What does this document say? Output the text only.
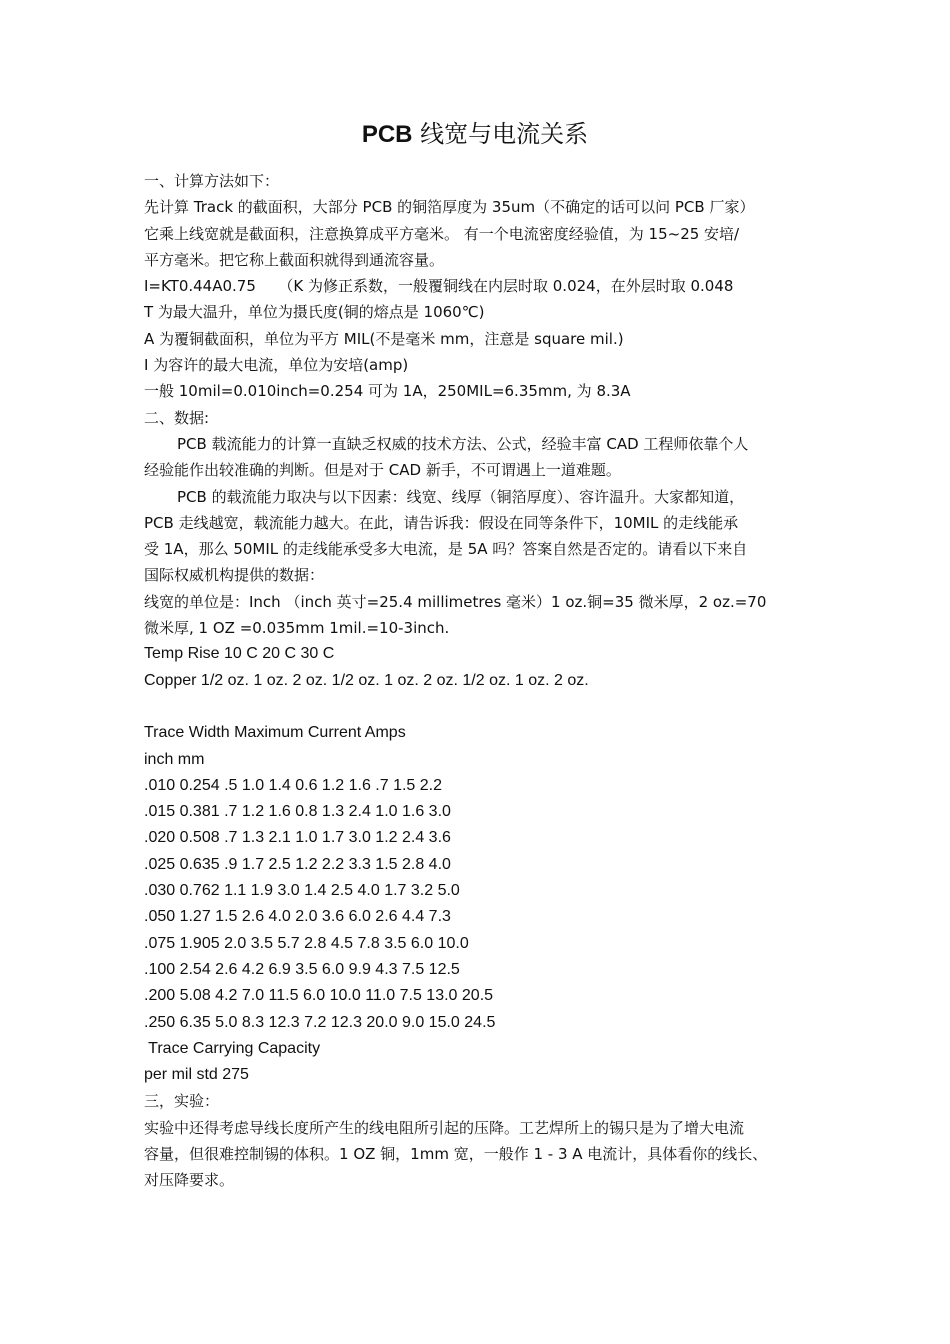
PCB 线宽与电流关系

一、计算方法如下：

先计算 Track 的截面积，大部分 PCB 的铜箔厚度为 35um（不确定的话可以问 PCB 厂家）

它乘上线宽就是截面积，注意换算成平方毫米。 有一个电流密度经验值，为 15~25 安培/

平方毫米。把它称上截面积就得到通流容量。

I=KT0.44A0.75　　（K 为修正系数，一般覆铜线在内层时取 0.024，在外层时取 0.048

T 为最大温升，单位为摄氏度(铜的熔点是 1060℃)

A 为覆铜截面积，单位为平方 MIL(不是毫米 mm，注意是 square mil.)

I 为容许的最大电流，单位为安培(amp)

一般 10mil=0.010inch=0.254 可为 1A，250MIL=6.35mm, 为 8.3A

二、数据:

PCB 载流能力的计算一直缺乏权威的技术方法、公式，经验丰富 CAD 工程师依靠个人

经验能作出较准确的判断。但是对于 CAD 新手，不可谓遇上一道难题。

PCB 的载流能力取决与以下因素：线宽、线厚（铜箔厚度）、容许温升。大家都知道，

PCB 走线越宽，载流能力越大。在此，请告诉我：假设在同等条件下，10MIL 的走线能承

受 1A，那么 50MIL 的走线能承受多大电流，是 5A 吗？答案自然是否定的。请看以下来自

国际权威机构提供的数据：

线宽的单位是：Inch （inch 英寸=25.4 millimetres 毫米）1 oz.铜=35 微米厚，2 oz.=70

微米厚, 1 OZ =0.035mm 1mil.=10-3inch.

Temp Rise 10 C 20 C 30 C

Copper 1/2 oz. 1 oz. 2 oz. 1/2 oz. 1 oz. 2 oz. 1/2 oz. 1 oz. 2 oz.

Trace Width Maximum Current Amps

inch mm

.010 0.254 .5 1.0 1.4 0.6 1.2 1.6 .7 1.5 2.2

.015 0.381 .7 1.2 1.6 0.8 1.3 2.4 1.0 1.6 3.0

.020 0.508 .7 1.3 2.1 1.0 1.7 3.0 1.2 2.4 3.6

.025 0.635 .9 1.7 2.5 1.2 2.2 3.3 1.5 2.8 4.0

.030 0.762 1.1 1.9 3.0 1.4 2.5 4.0 1.7 3.2 5.0

.050 1.27 1.5 2.6 4.0 2.0 3.6 6.0 2.6 4.4 7.3

.075 1.905 2.0 3.5 5.7 2.8 4.5 7.8 3.5 6.0 10.0

.100 2.54 2.6 4.2 6.9 3.5 6.0 9.9 4.3 7.5 12.5

.200 5.08 4.2 7.0 11.5 6.0 10.0 11.0 7.5 13.0 20.5

.250 6.35 5.0 8.3 12.3 7.2 12.3 20.0 9.0 15.0 24.5

Trace Carrying Capacity

per mil std 275

三，实验：

实验中还得考虑导线长度所产生的线电阻所引起的压降。工艺焊所上的锡只是为了增大电流

容量，但很难控制锡的体积。1 OZ 铜，1mm 宽，一般作 1 - 3 A 电流计，具体看你的线长、

对压降要求。
